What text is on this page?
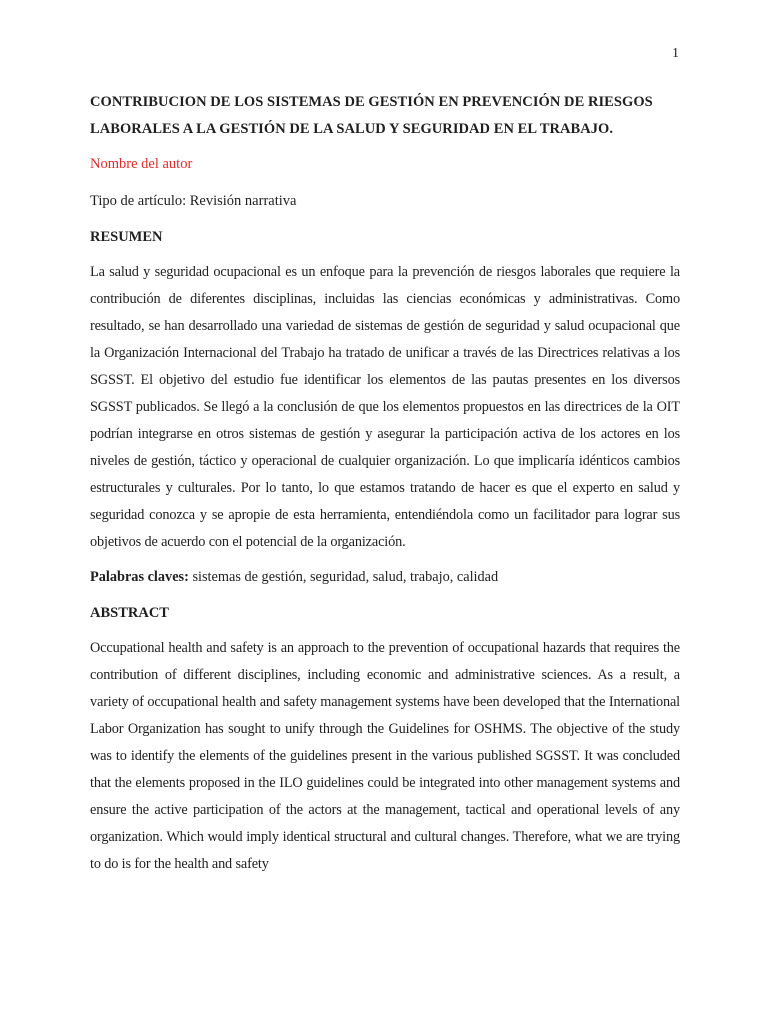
1
CONTRIBUCION DE LOS SISTEMAS DE GESTIÓN EN PREVENCIÓN DE RIESGOS LABORALES A LA GESTIÓN DE LA SALUD Y SEGURIDAD EN EL TRABAJO.

Nombre del autor

Tipo de artículo: Revisión narrativa

RESUMEN

La salud y seguridad ocupacional es un enfoque para la prevención de riesgos laborales que requiere la contribución de diferentes disciplinas, incluidas las ciencias económicas y administrativas. Como resultado, se han desarrollado una variedad de sistemas de gestión de seguridad y salud ocupacional que la Organización Internacional del Trabajo ha tratado de unificar a través de las Directrices relativas a los SGSST. El objetivo del estudio fue identificar los elementos de las pautas presentes en los diversos SGSST publicados. Se llegó a la conclusión de que los elementos propuestos en las directrices de la OIT podrían integrarse en otros sistemas de gestión y asegurar la participación activa de los actores en los niveles de gestión, táctico y operacional de cualquier organización. Lo que implicaría idénticos cambios estructurales y culturales. Por lo tanto, lo que estamos tratando de hacer es que el experto en salud y seguridad conozca y se apropie de esta herramienta, entendiéndola como un facilitador para lograr sus objetivos de acuerdo con el potencial de la organización.

Palabras claves: sistemas de gestión, seguridad, salud, trabajo, calidad

ABSTRACT

Occupational health and safety is an approach to the prevention of occupational hazards that requires the contribution of different disciplines, including economic and administrative sciences. As a result, a variety of occupational health and safety management systems have been developed that the International Labor Organization has sought to unify through the Guidelines for OSHMS. The objective of the study was to identify the elements of the guidelines present in the various published SGSST. It was concluded that the elements proposed in the ILO guidelines could be integrated into other management systems and ensure the active participation of the actors at the management, tactical and operational levels of any organization. Which would imply identical structural and cultural changes. Therefore, what we are trying to do is for the health and safety
